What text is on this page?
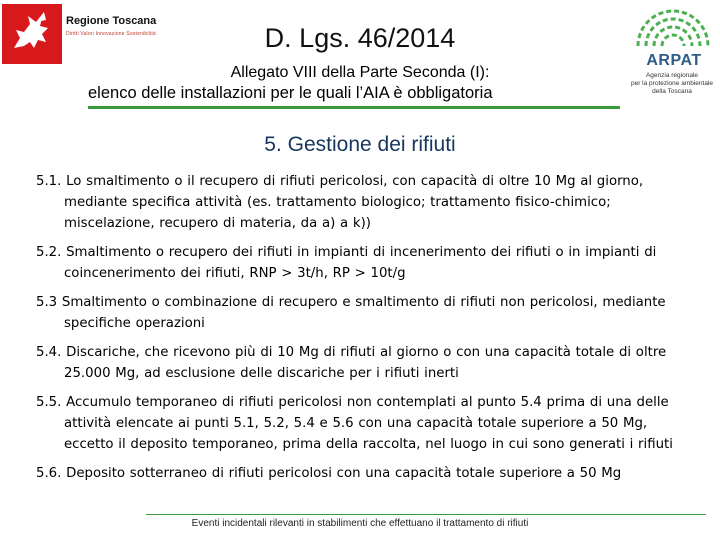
Regione Toscana
Diritti Valori Innovazione Sostenibilità	D. Lgs. 46/2014
Allegato VIII della Parte Seconda (I):
elenco delle installazioni per le quali l’AIA è obbligatoria
ARPAT
Agenzia regionale
per la protezione ambientale
della Toscana
5. Gestione dei rifiuti

5.1. Lo smaltimento o il recupero di rifiuti pericolosi, con capacità di oltre 10 Mg al giorno, mediante specifica attività (es. trattamento biologico; trattamento fisico-chimico; miscelazione, recupero di materia, da a) a k))

5.2. Smaltimento o recupero dei rifiuti in impianti di incenerimento dei rifiuti o in impianti di coincenerimento dei rifiuti, RNP > 3t/h, RP > 10t/g

5.3 Smaltimento o combinazione di recupero e smaltimento di rifiuti non pericolosi, mediante specifiche operazioni

5.4. Discariche, che ricevono più di 10 Mg di rifiuti al giorno o con una capacità totale di oltre 25.000 Mg, ad esclusione delle discariche per i rifiuti inerti

5.5. Accumulo temporaneo di rifiuti pericolosi non contemplati al punto 5.4 prima di una delle attività elencate ai punti 5.1, 5.2, 5.4 e 5.6 con una capacità totale superiore a 50 Mg, eccetto il deposito temporaneo, prima della raccolta, nel luogo in cui sono generati i rifiuti

5.6. Deposito sotterraneo di rifiuti pericolosi con una capacità totale superiore a 50 Mg

Eventi incidentali rilevanti in stabilimenti che effettuano il trattamento di rifiuti
